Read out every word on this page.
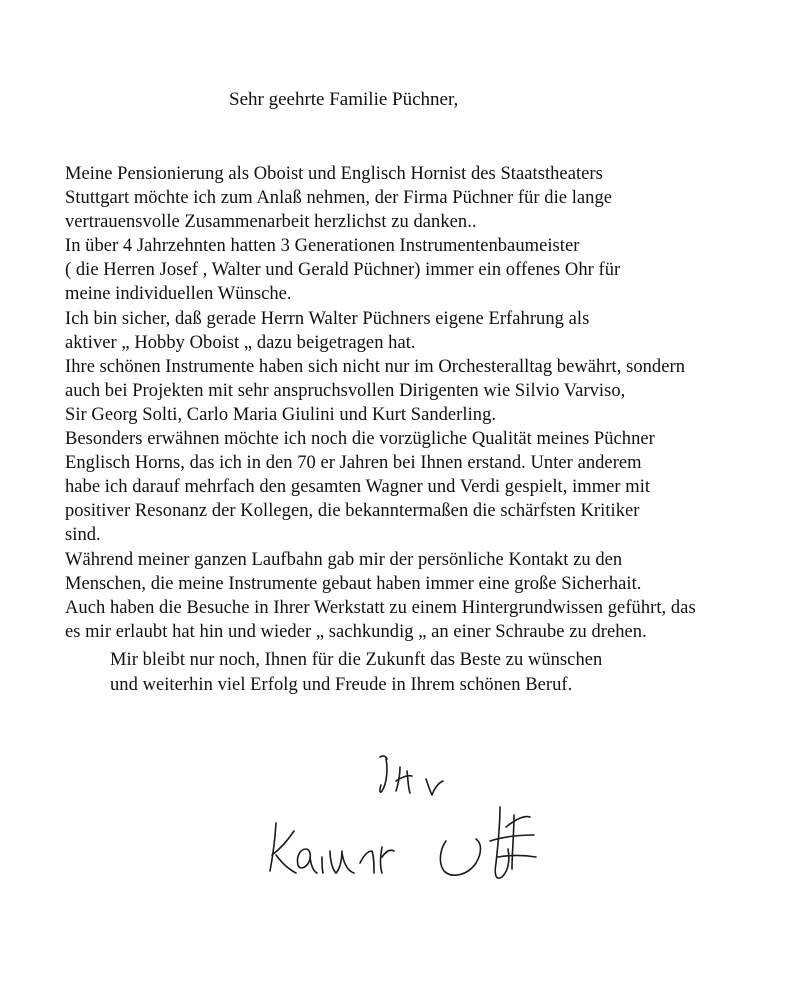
Sehr geehrte Familie Püchner,
Meine Pensionierung als Oboist und Englisch Hornist des Staatstheaters
Stuttgart möchte ich zum Anlaß nehmen, der Firma Püchner für die lange
vertrauensvolle Zusammenarbeit herzlichst zu danken..
In über 4 Jahrzehnten hatten 3 Generationen Instrumentenbaumeister
( die Herren Josef , Walter und Gerald Püchner) immer ein offenes Ohr für
meine individuellen Wünsche.
Ich bin sicher, daß gerade Herrn Walter Püchners eigene Erfahrung als
aktiver „ Hobby Oboist „ dazu beigetragen hat.
Ihre schönen Instrumente haben sich nicht nur im Orchesteralltag bewährt, sondern
auch bei Projekten mit sehr anspruchsvollen Dirigenten wie Silvio Varviso,
Sir Georg Solti, Carlo Maria Giulini und Kurt Sanderling.
Besonders erwähnen möchte ich noch die vorzügliche Qualität meines Püchner
Englisch Horns, das ich in den 70 er Jahren bei Ihnen erstand. Unter anderem
habe ich darauf mehrfach den gesamten Wagner und Verdi gespielt, immer mit
positiver Resonanz der Kollegen, die bekanntermaßen die schärfsten Kritiker
sind.
Während meiner ganzen Laufbahn gab mir der persönliche Kontakt zu den
Menschen, die meine Instrumente gebaut haben immer eine große Sicherhait.
Auch haben die Besuche in Ihrer Werkstatt zu einem Hintergrundwissen geführt, das
es mir erlaubt hat hin und wieder „ sachkundig „ an einer Schraube zu drehen.
Mir bleibt nur noch, Ihnen für die Zukunft das Beste zu wünschen
und weiterhin viel Erfolg und Freude in Ihrem schönen Beruf.
